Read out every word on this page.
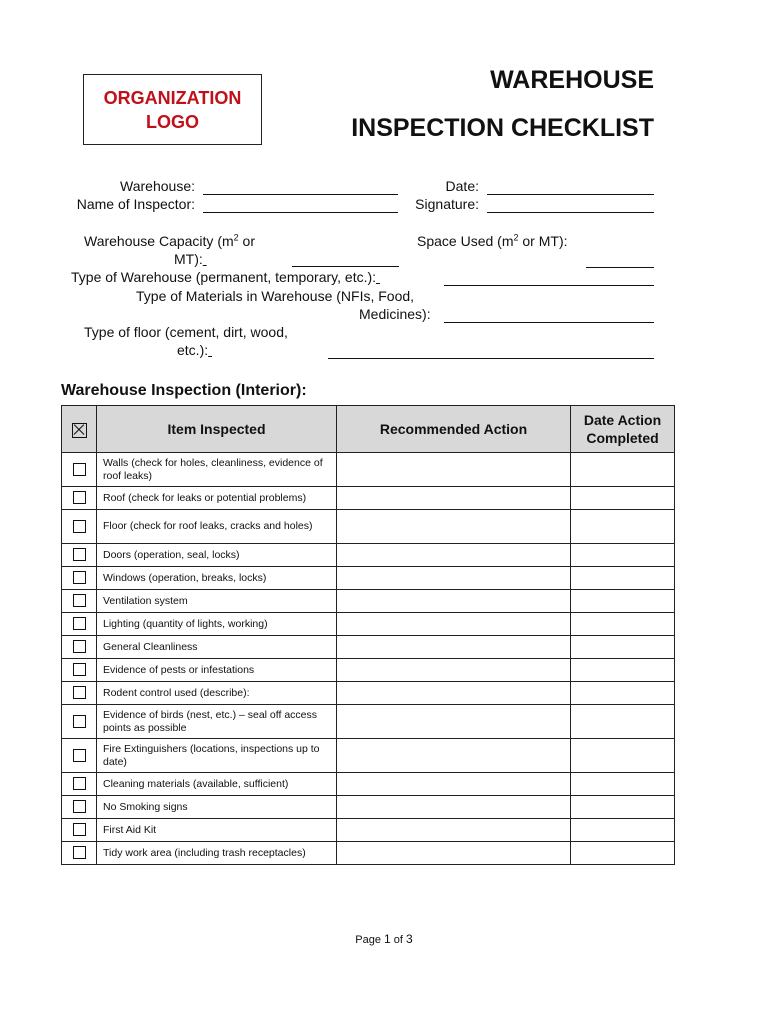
ORGANIZATION
LOGO
WAREHOUSE
INSPECTION CHECKLIST
Warehouse:	Date:
Name of Inspector:	Signature:
Warehouse Capacity ($m^2$ or
MT):
Space Used ($m^2$ or MT):
Type of Warehouse (permanent, temporary, etc.):
Type of Materials in Warehouse (NFIs, Food,
Medicines):
Type of floor (cement, dirt, wood,
etc.):
Warehouse Inspection (Interior):
	Item Inspected	Recommended Action	Date Action
Completed

	Walls (check for holes, cleanliness, evidence of roof leaks)		
	Roof (check for leaks or potential problems)		
	Floor (check for roof leaks, cracks and holes)		
	Doors (operation, seal, locks)		
	Windows (operation, breaks, locks)		
	Ventilation system		
	Lighting (quantity of lights, working)		
	General Cleanliness		
	Evidence of pests or infestations		
	Rodent control used (describe):		
	Evidence of birds (nest, etc.) – seal off access points as possible		
	Fire Extinguishers (locations, inspections up to date)		
	Cleaning materials (available, sufficient)		
	No Smoking signs		
	First Aid Kit		
	Tidy work area (including trash receptacles)		
Page 1 of 3
